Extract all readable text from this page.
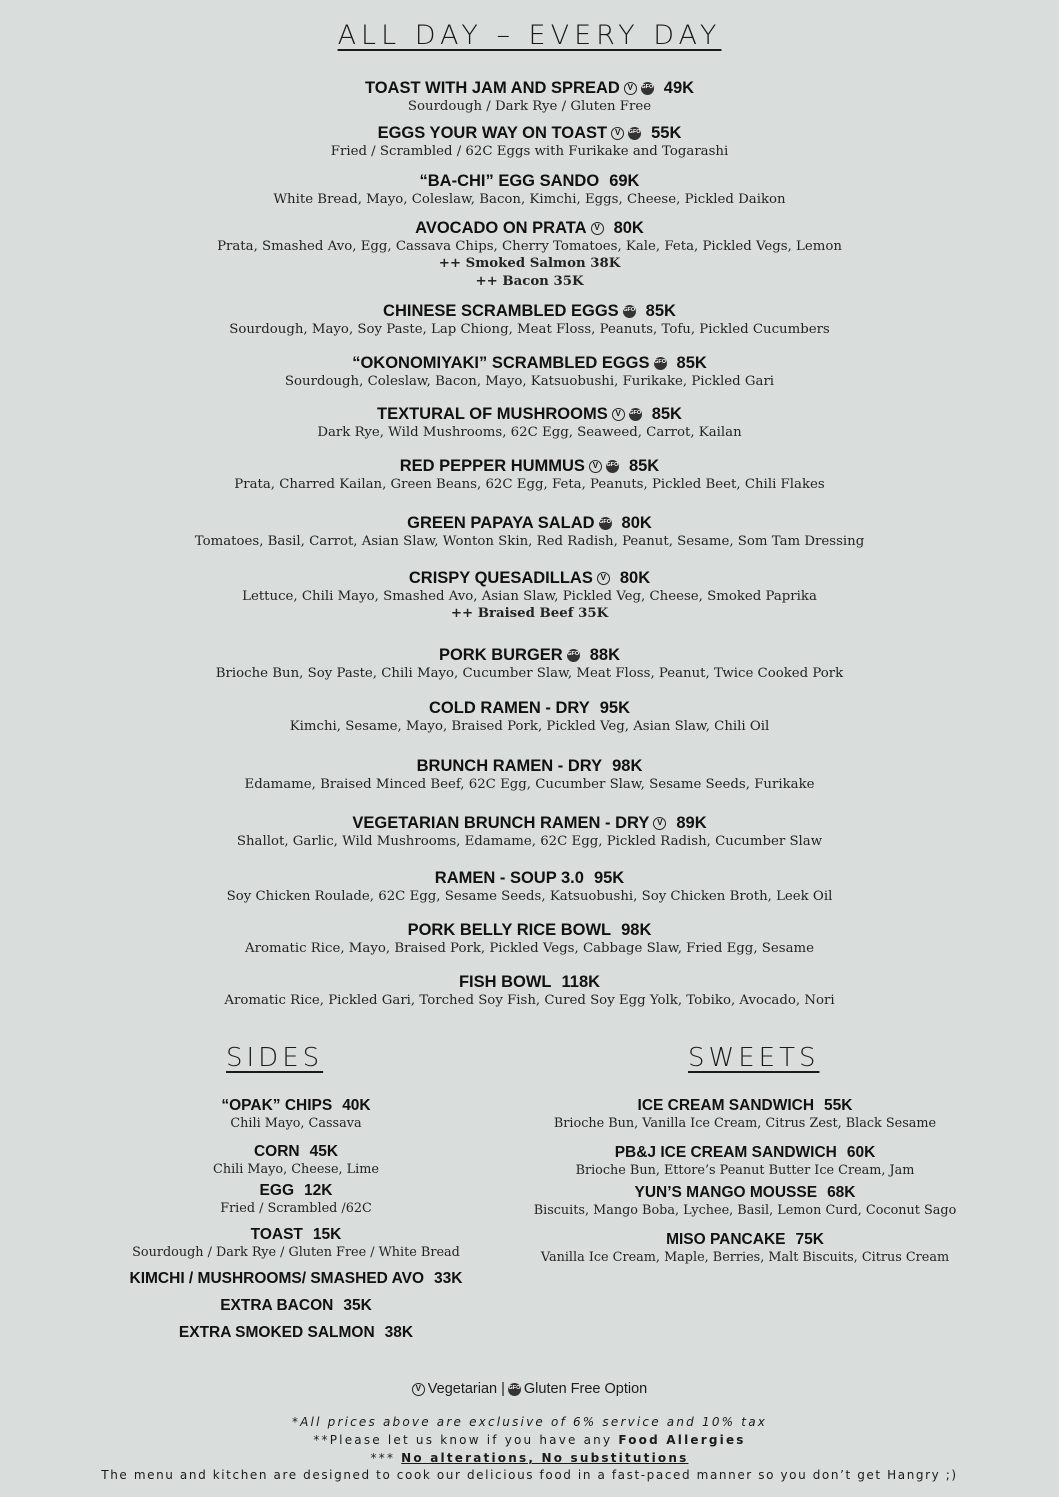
ALL DAY – EVERY DAY
TOAST WITH JAM AND SPREAD V	GFO 49K
Sourdough / Dark Rye / Gluten Free
EGGS YOUR WAY ON TOAST V	GFO 55K
Fried / Scrambled / 62C Eggs with Furikake and Togarashi
“BA-CHI” EGG SANDO 69K
White Bread, Mayo, Coleslaw, Bacon, Kimchi, Eggs, Cheese, Pickled Daikon
AVOCADO ON PRATA V 80K
Prata, Smashed Avo, Egg, Cassava Chips, Cherry Tomatoes, Kale, Feta, Pickled Vegs, Lemon
++ Smoked Salmon 38K
++ Bacon 35K
CHINESE SCRAMBLED EGGS GFO 85K
Sourdough, Mayo, Soy Paste, Lap Chiong, Meat Floss, Peanuts, Tofu, Pickled Cucumbers
“OKONOMIYAKI” SCRAMBLED EGGS GFO 85K
Sourdough, Coleslaw, Bacon, Mayo, Katsuobushi, Furikake, Pickled Gari
TEXTURAL OF MUSHROOMS V	GFO 85K
Dark Rye, Wild Mushrooms, 62C Egg, Seaweed, Carrot, Kailan
RED PEPPER HUMMUS V	GFO 85K
Prata, Charred Kailan, Green Beans, 62C Egg, Feta, Peanuts, Pickled Beet, Chili Flakes
GREEN PAPAYA SALAD GFO 80K
Tomatoes, Basil, Carrot, Asian Slaw, Wonton Skin, Red Radish, Peanut, Sesame, Som Tam Dressing
CRISPY QUESADILLAS V 80K
Lettuce, Chili Mayo, Smashed Avo, Asian Slaw, Pickled Veg, Cheese, Smoked Paprika
++ Braised Beef 35K
PORK BURGER GFO 88K
Brioche Bun, Soy Paste, Chili Mayo, Cucumber Slaw, Meat Floss, Peanut, Twice Cooked Pork
COLD RAMEN - DRY 95K
Kimchi, Sesame, Mayo, Braised Pork, Pickled Veg, Asian Slaw, Chili Oil
BRUNCH RAMEN - DRY 98K
Edamame, Braised Minced Beef, 62C Egg, Cucumber Slaw, Sesame Seeds, Furikake
VEGETARIAN BRUNCH RAMEN - DRY V 89K
Shallot, Garlic, Wild Mushrooms, Edamame, 62C Egg, Pickled Radish, Cucumber Slaw
RAMEN - SOUP 3.0 95K
Soy Chicken Roulade, 62C Egg, Sesame Seeds, Katsuobushi, Soy Chicken Broth, Leek Oil
PORK BELLY RICE BOWL 98K
Aromatic Rice, Mayo, Braised Pork, Pickled Vegs, Cabbage Slaw, Fried Egg, Sesame
FISH BOWL 118K
Aromatic Rice, Pickled Gari, Torched Soy Fish, Cured Soy Egg Yolk, Tobiko, Avocado, Nori
SIDES
“OPAK” CHIPS 40K
Chili Mayo, Cassava
CORN 45K
Chili Mayo, Cheese, Lime
EGG 12K
Fried / Scrambled /62C
TOAST 15K
Sourdough / Dark Rye / Gluten Free / White Bread
KIMCHI / MUSHROOMS/ SMASHED AVO 33K
EXTRA BACON 35K
EXTRA SMOKED SALMON 38K
SWEETS
ICE CREAM SANDWICH 55K
Brioche Bun, Vanilla Ice Cream, Citrus Zest, Black Sesame
PB&J ICE CREAM SANDWICH 60K
Brioche Bun, Ettore’s Peanut Butter Ice Cream, Jam
YUN’S MANGO MOUSSE 68K
Biscuits, Mango Boba, Lychee, Basil, Lemon Curd, Coconut Sago
MISO PANCAKE 75K
Vanilla Ice Cream, Maple, Berries, Malt Biscuits, Citrus Cream
V Vegetarian | GFO Gluten Free Option
*All prices above are exclusive of 6% service and 10% tax
**Please let us know if you have any Food Allergies
*** No alterations, No substitutions
The menu and kitchen are designed to cook our delicious food in a fast-paced manner so you don’t get Hangry ;)
